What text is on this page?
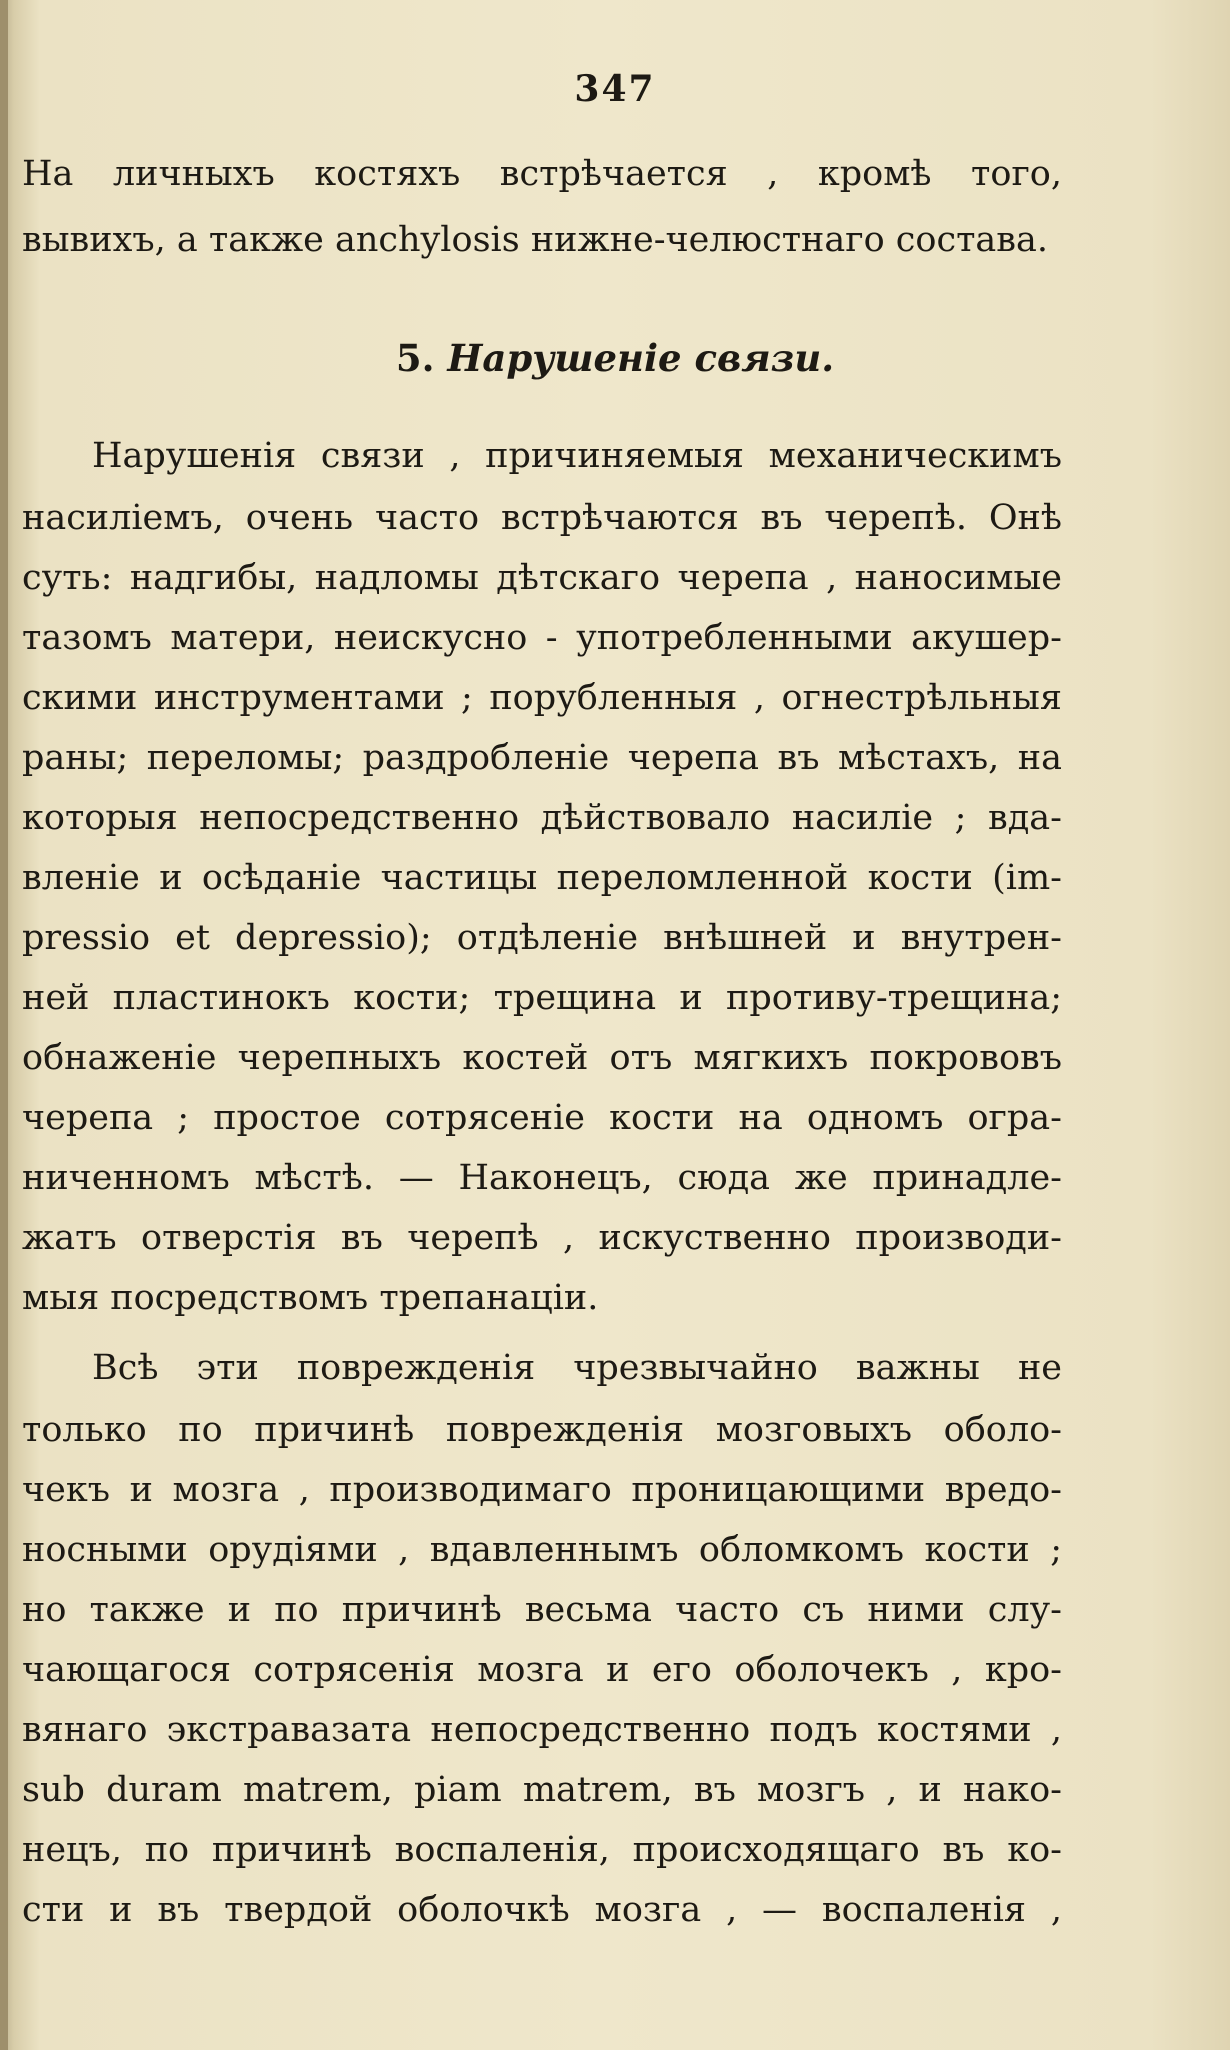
347
На личныхъ костяхъ встрѣчается , кромѣ того,
вывихъ, а также anchylosis нижне-челюстнаго состава.
5. Нарушеніе связи.
Нарушенія связи , причиняемыя механическимъ
насиліемъ, очень часто встрѣчаются въ черепѣ. Онѣ
суть: надгибы, надломы дѣтскаго черепа , наносимые
тазомъ матери, неискусно - употребленными акушер-
скими инструментами ; порубленныя , огнестрѣльныя
раны; переломы; раздробленіе черепа въ мѣстахъ, на
которыя непосредственно дѣйствовало насиліе ; вда-
вленіе и осѣданіе частицы переломленной кости (im-
pressio et depressio); отдѣленіе внѣшней и внутрен-
ней пластинокъ кости; трещина и противу-трещина;
обнаженіе черепныхъ костей отъ мягкихъ покрововъ
черепа ; простое сотрясеніе кости на одномъ огра-
ниченномъ мѣстѣ. — Наконецъ, сюда же принадле-
жатъ отверстія въ черепѣ , искуственно производи-
мыя посредствомъ трепанаціи.
Всѣ эти поврежденія чрезвычайно важны не
только по причинѣ поврежденія мозговыхъ оболо-
чекъ и мозга , производимаго проницающими вредо-
носными орудіями , вдавленнымъ обломкомъ кости ;
но также и по причинѣ весьма часто съ ними слу-
чающагося сотрясенія мозга и его оболочекъ , кро-
вянаго экстравазата непосредственно подъ костями ,
sub duram matrem, piam matrem, въ мозгъ , и нако-
нецъ, по причинѣ воспаленія, происходящаго въ ко-
сти и въ твердой оболочкѣ мозга , — воспаленія ,
